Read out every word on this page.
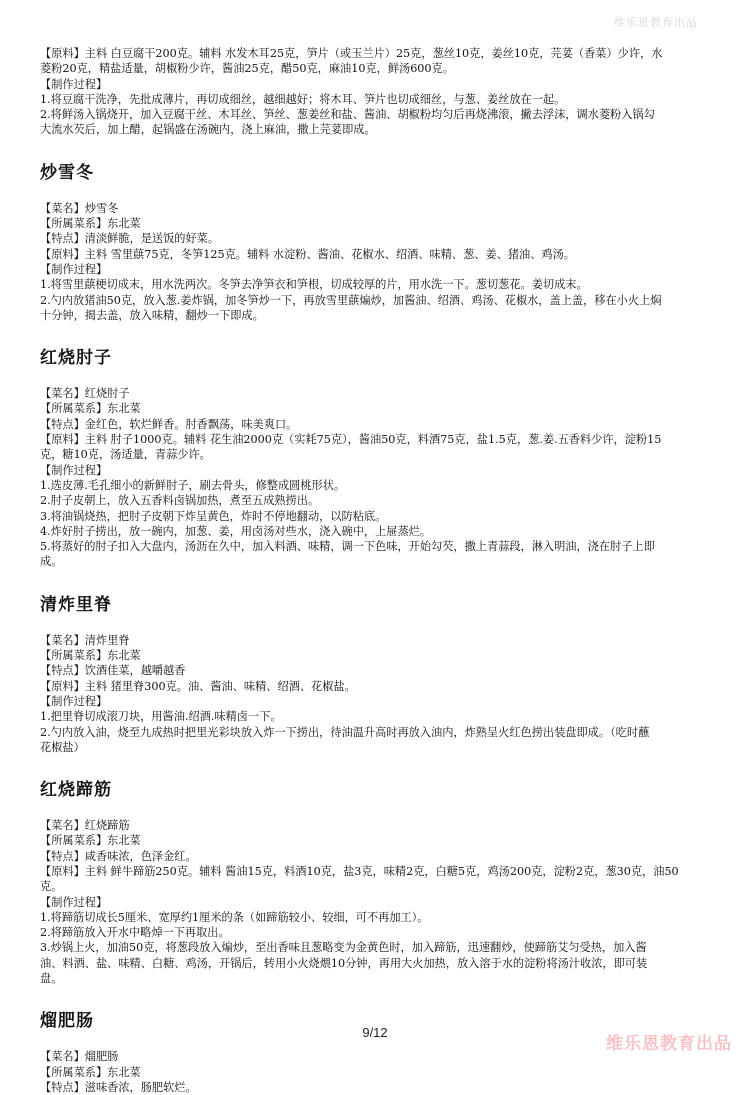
维乐恩教育出品

【原料】主料 白豆腐干200克。辅料 水发木耳25克，笋片（或玉兰片）25克，葱丝10克，姜丝10克，芫荽（香菜）少许，水

菱粉20克，精盐适量，胡椒粉少许，酱油25克，醋50克，麻油10克，鲜汤600克。

【制作过程】

1.将豆腐干洗净，先批成薄片，再切成细丝，越细越好；将木耳、笋片也切成细丝，与葱、姜丝放在一起。

2.将鲜汤入锅烧开，加入豆腐干丝、木耳丝、笋丝、葱姜丝和盐、酱油、胡椒粉均匀后再烧沸滚，撇去浮沫，调水菱粉入锅勾

大流水芡后，加上醋，起锅盛在汤碗内，浇上麻油，撒上芫荽即成。

炒雪冬

【菜名】炒雪冬

【所属菜系】东北菜

【特点】清淡鲜脆，是送饭的好菜。

【原料】主料 雪里蕻75克，冬笋125克。辅料 水淀粉、酱油、花椒水、绍酒、味精、葱、姜、猪油、鸡汤。

【制作过程】

1.将雪里蕻梗切成末，用水洗两次。冬笋去净笋衣和笋根，切成较厚的片，用水洗一下。葱切葱花。姜切成末。

2.勺内放猪油50克，放入葱.姜炸锅，加冬笋炒一下，再放雪里蕻煸炒，加酱油、绍酒、鸡汤、花椒水，盖上盖，移在小火上焖

十分钟，揭去盖，放入味精，翻炒一下即成。

红烧肘子

【菜名】红烧肘子

【所属菜系】东北菜

【特点】金红色，软烂鲜香。肘香飘荡，味美爽口。

【原料】主料 肘子1000克。辅料 花生油2000克（实耗75克），酱油50克，料酒75克，盐1.5克，葱.姜.五香料少许，淀粉15

克，糖10克，汤适量，青蒜少许。

【制作过程】

1.选皮薄.毛孔细小的新鲜肘子，刷去骨头，修整成圆桃形状。

2.肘子皮朝上，放入五香料卤锅加热，煮至五成熟捞出。

3.将油锅烧热，把肘子皮朝下炸呈黄色，炸时不停地翻动，以防粘底。

4.炸好肘子捞出，放一碗内，加葱、姜，用卤汤对些水，浇入碗中，上屉蒸烂。

5.将蒸好的肘子扣入大盘内，汤沥在久中，加入料酒、味精，调一下色味，开始勾芡，撒上青蒜段，淋入明油，浇在肘子上即

成。

清炸里脊

【菜名】清炸里脊

【所属菜系】东北菜

【特点】饮酒佳菜，越嚼越香

【原料】主料 猪里脊300克。油、酱油、味精、绍酒、花椒盐。

【制作过程】

1.把里脊切成滚刀块，用酱油.绍酒.味精卤一下。

2.勺内放入油，烧至九成热时把里光彩块放入炸一下捞出，待油温升高时再放入油内，炸熟呈火红色捞出装盘即成。（吃时蘸

花椒盐）

红烧蹄筋

【菜名】红烧蹄筋

【所属菜系】东北菜

【特点】咸香味浓，色泽金红。

【原料】主料 鲜牛蹄筋250克。辅料 酱油15克，料酒10克，盐3克，味精2克，白糖5克，鸡汤200克，淀粉2克，葱30克，油50

克。

【制作过程】

1.将蹄筋切成长5厘米、宽厚约1厘米的条（如蹄筋较小、较细，可不再加工）。

2.将蹄筋放入开水中略焯一下再取出。

3.炒锅上火，加油50克，将葱段放入煸炒，至出香味且葱略变为金黄色时，加入蹄筋，迅速翻炒，使蹄筋艾匀受热，加入酱

油、料酒、盐、味精、白糖、鸡汤，开锅后，转用小火烧煨10分钟，再用大火加热，放入溶于水的淀粉将汤汁收浓，即可装

盘。

熘肥肠

【菜名】熘肥肠

【所属菜系】东北菜

【特点】滋味香浓，肠肥软烂。

9/12
维乐恩教育出品
